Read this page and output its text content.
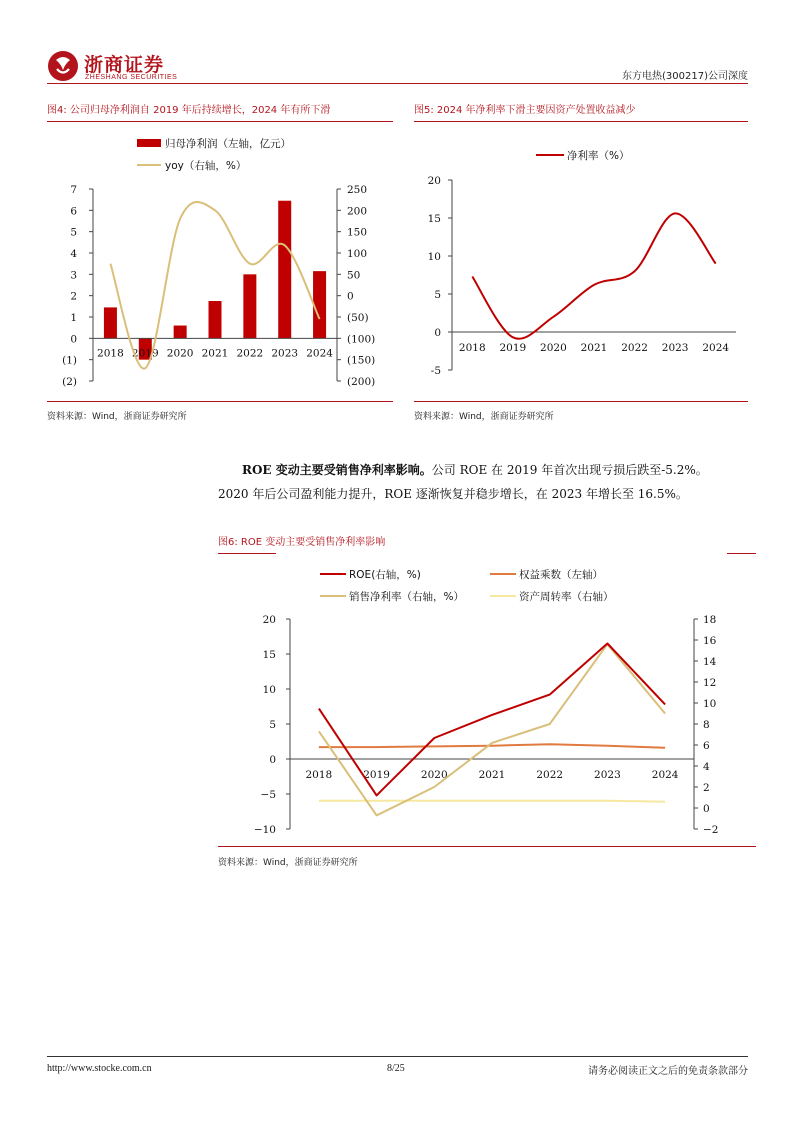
浙商证券
ZHESHANG SECURITIES	东方电热(300217)公司深度
图4: 公司归母净利润自 2019 年后持续增长，2024 年有所下滑	图5: 2024 年净利率下滑主要因资产处置收益减少
归母净利润（左轴，亿元）
yoy（右轴，%）
(2)
(1)
0
1
2
3
4
5
6
7
(200)
(150)
(100)
(50)
0
50
100
150
200
250
2018 2019 2020 2021 2022 2023 2024
净利率（%）
-5
0
5
10
15
20
2018 2019 2020 2021 2022 2023 2024
资料来源：Wind，浙商证券研究所	资料来源：Wind，浙商证券研究所
ROE 变动主要受销售净利率影响。公司 ROE 在 2019 年首次出现亏损后跌至-5.2%。
2020 年后公司盈利能力提升，ROE 逐渐恢复并稳步增长，在 2023 年增长至 16.5%。
图6: ROE 变动主要受销售净利率影响
ROE(右轴，%)	权益乘数（左轴）
销售净利率（右轴，%）	资产周转率（右轴）
−10
−5
0
5
10
15
20
−2
0
2
4
6
8
10
12
14
16
18
2018	2019	2020	2021	2022	2023	2024
资料来源：Wind，浙商证券研究所
http://www.stocke.com.cn	8/25	请务必阅读正文之后的免责条款部分
